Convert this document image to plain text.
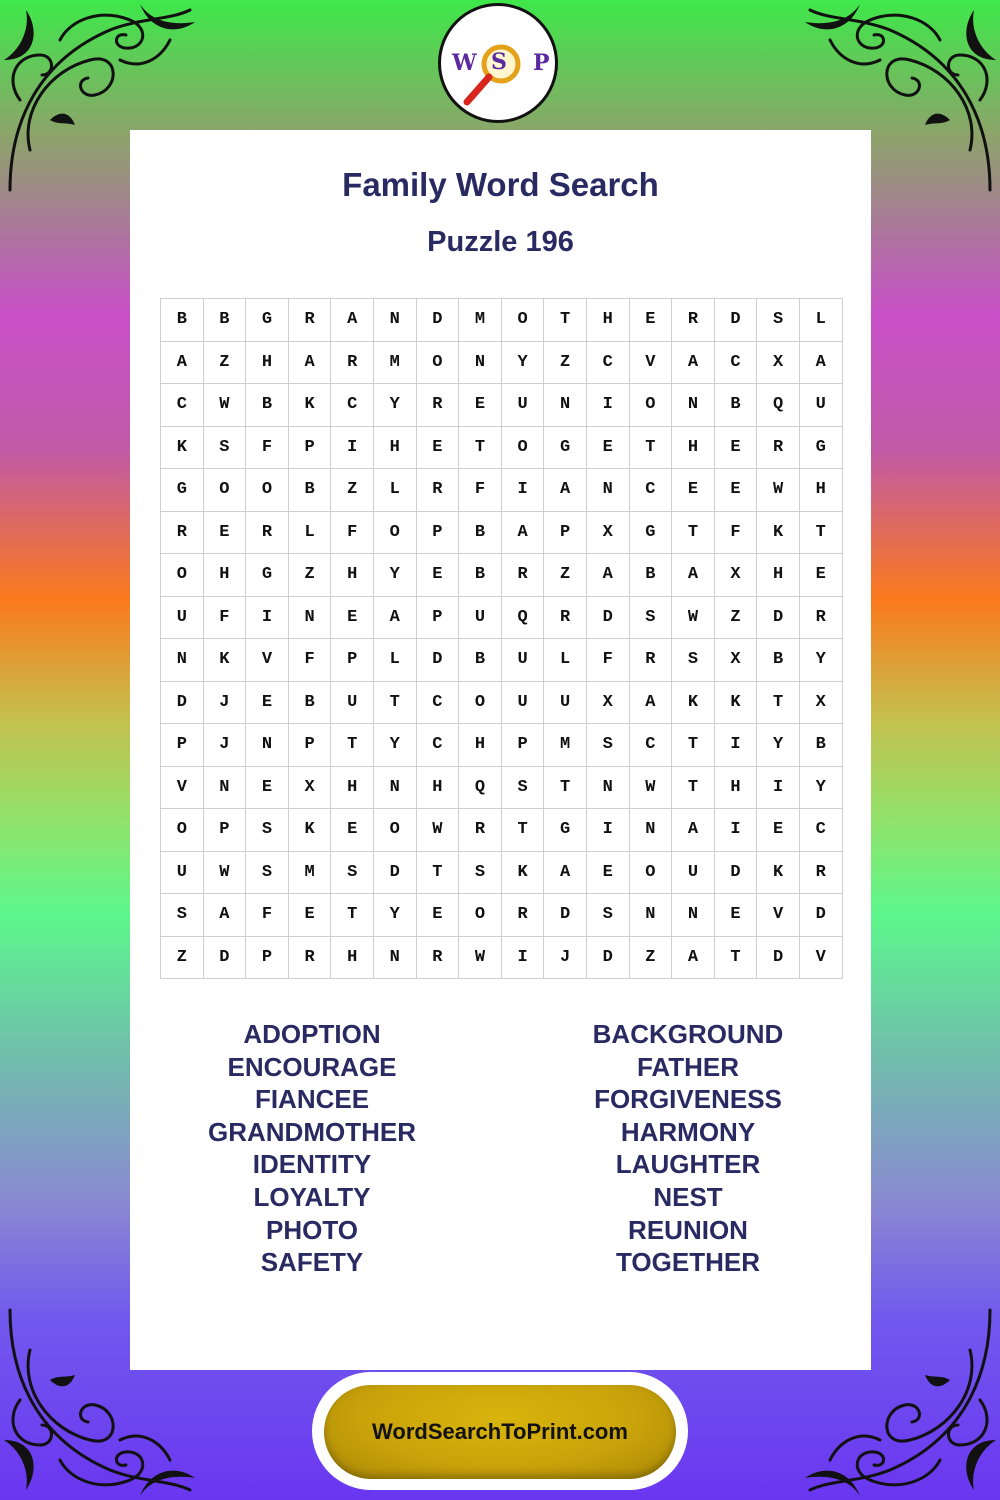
W S P
Family Word Search
Puzzle 196
B	B	G	R	A	N	D	M	O	T	H	E	R	D	S	L
A	Z	H	A	R	M	O	N	Y	Z	C	V	A	C	X	A
C	W	B	K	C	Y	R	E	U	N	I	O	N	B	Q	U
K	S	F	P	I	H	E	T	O	G	E	T	H	E	R	G
G	O	O	B	Z	L	R	F	I	A	N	C	E	E	W	H
R	E	R	L	F	O	P	B	A	P	X	G	T	F	K	T
O	H	G	Z	H	Y	E	B	R	Z	A	B	A	X	H	E
U	F	I	N	E	A	P	U	Q	R	D	S	W	Z	D	R
N	K	V	F	P	L	D	B	U	L	F	R	S	X	B	Y
D	J	E	B	U	T	C	O	U	U	X	A	K	K	T	X
P	J	N	P	T	Y	C	H	P	M	S	C	T	I	Y	B
V	N	E	X	H	N	H	Q	S	T	N	W	T	H	I	Y
O	P	S	K	E	O	W	R	T	G	I	N	A	I	E	C
U	W	S	M	S	D	T	S	K	A	E	O	U	D	K	R
S	A	F	E	T	Y	E	O	R	D	S	N	N	E	V	D
Z	D	P	R	H	N	R	W	I	J	D	Z	A	T	D	V
ADOPTION
ENCOURAGE
FIANCEE
GRANDMOTHER
IDENTITY
LOYALTY
PHOTO
SAFETY
BACKGROUND
FATHER
FORGIVENESS
HARMONY
LAUGHTER
NEST
REUNION
TOGETHER
WordSearchToPrint.com
